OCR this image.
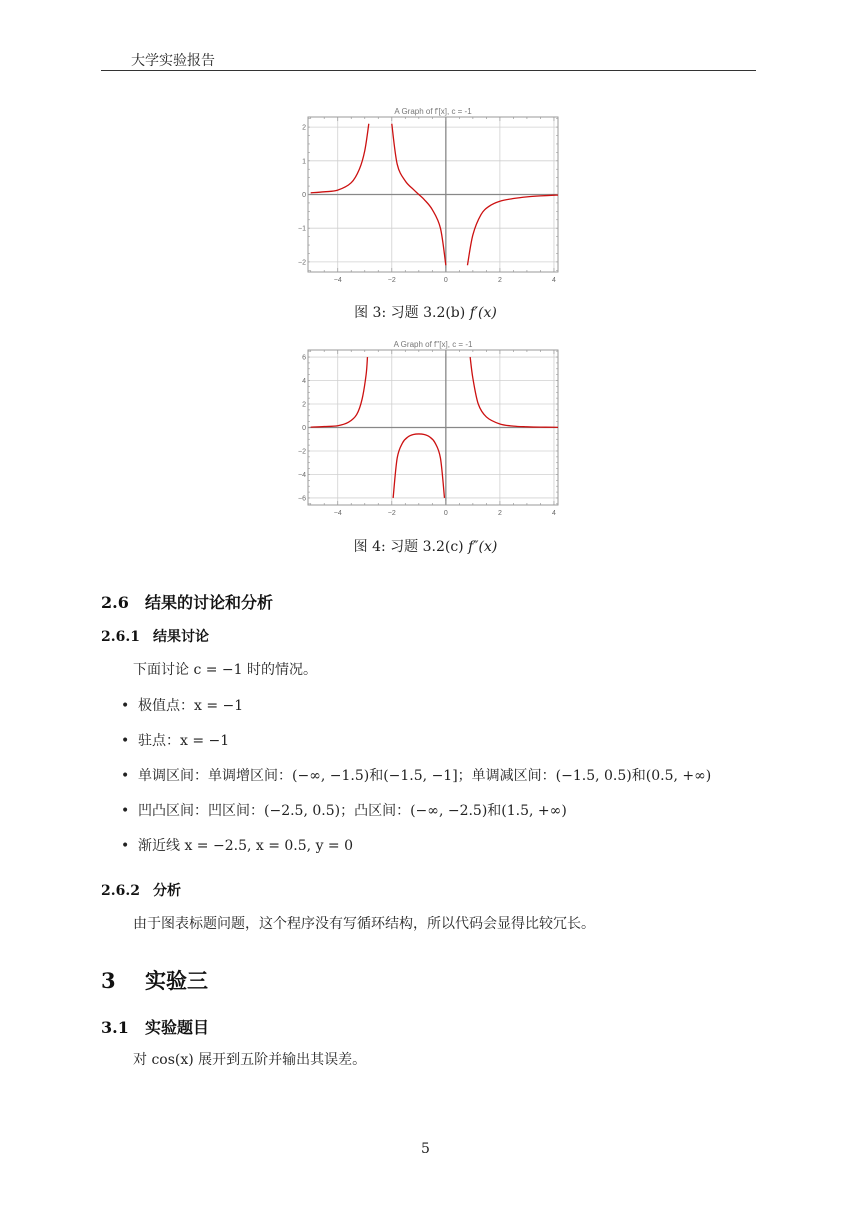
大学实验报告
A Graph of f'[x], c = -1
−4	−2	0	2	4
−2
−1
0
1
2
图 3: 习题 3.2(b) f′(x)
A Graph of f''[x], c = -1
−4	−2	0	2	4
−6
−4
−2
0
2
4
6
图 4: 习题 3.2(c) f″(x)
2.6 结果的讨论和分析
2.6.1 结果讨论
下面讨论 c = −1 时的情况。
• 极值点：x = −1
• 驻点：x = −1
• 单调区间：单调增区间：(−∞, −1.5)和(−1.5, −1]；单调减区间：(−1.5, 0.5)和(0.5, +∞)
• 凹凸区间：凹区间：(−2.5, 0.5)；凸区间：(−∞, −2.5)和(1.5, +∞)
• 渐近线 x = −2.5, x = 0.5, y = 0
2.6.2 分析
由于图表标题问题，这个程序没有写循环结构，所以代码会显得比较冗长。
3 实验三
3.1 实验题目
对 cos(x) 展开到五阶并输出其误差。
5
